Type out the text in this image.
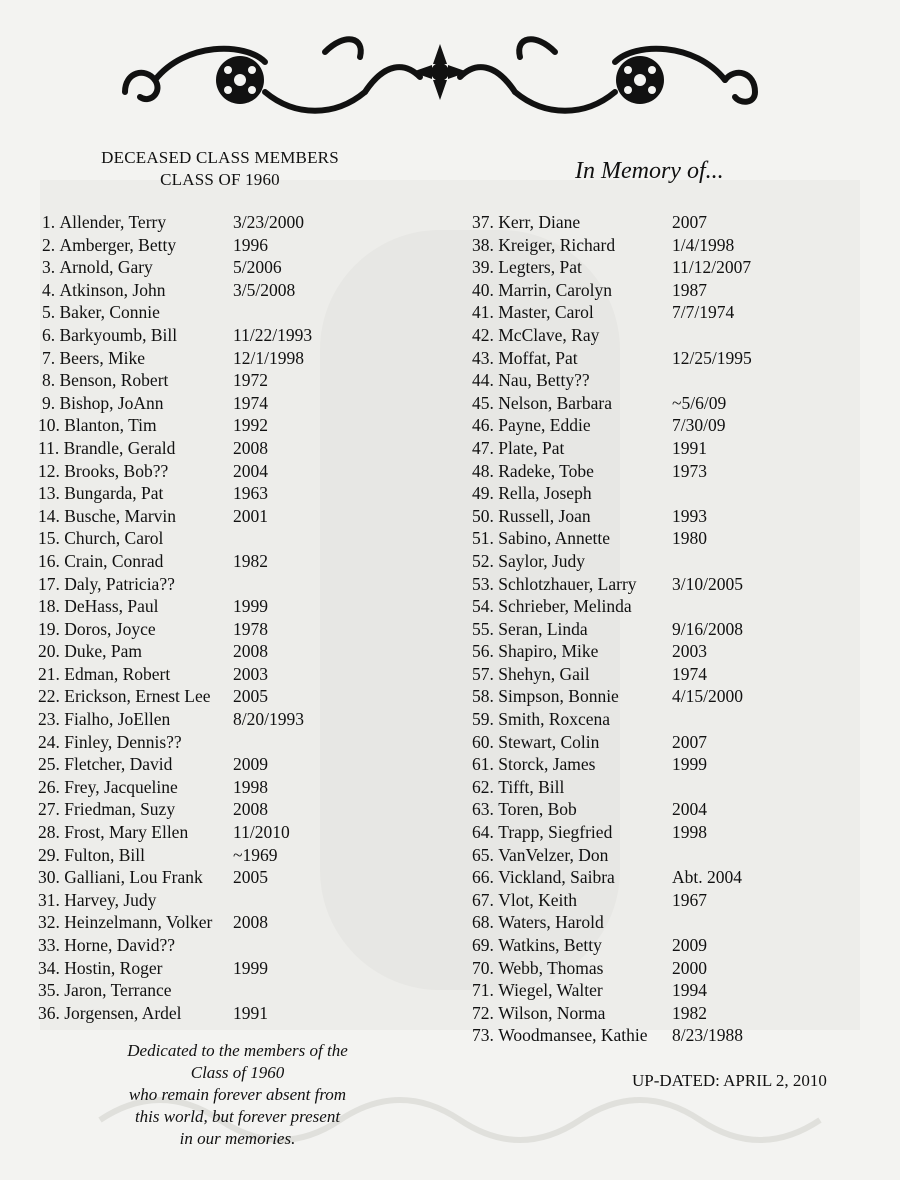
DECEASED CLASS MEMBERS
CLASS OF 1960	In Memory of...
1. Allender, Terry	3/23/2000
2. Amberger, Betty	1996
3. Arnold, Gary	5/2006
4. Atkinson, John	3/5/2008
5. Baker, Connie
6. Barkyoumb, Bill	11/22/1993
7. Beers, Mike	12/1/1998
8. Benson, Robert	1972
9. Bishop, JoAnn	1974
10. Blanton, Tim	1992
11. Brandle, Gerald	2008
12. Brooks, Bob??	2004
13. Bungarda, Pat	1963
14. Busche, Marvin	2001
15. Church, Carol
16. Crain, Conrad	1982
17. Daly, Patricia??
18. DeHass, Paul	1999
19. Doros, Joyce	1978
20. Duke, Pam	2008
21. Edman, Robert	2003
22. Erickson, Ernest Lee 2005
23. Fialho, JoEllen	8/20/1993
24. Finley, Dennis??
25. Fletcher, David	2009
26. Frey, Jacqueline	1998
27. Friedman, Suzy	2008
28. Frost, Mary Ellen	11/2010
29. Fulton, Bill	~1969
30. Galliani, Lou Frank 2005
31. Harvey, Judy
32. Heinzelmann, Volker 2008
33. Horne, David??
34. Hostin, Roger	1999
35. Jaron, Terrance
36. Jorgensen, Ardel	1991
37. Kerr, Diane	2007
38. Kreiger, Richard	1/4/1998
39. Legters, Pat	11/12/2007
40. Marrin, Carolyn	1987
41. Master, Carol	7/7/1974
42. McClave, Ray
43. Moffat, Pat	12/25/1995
44. Nau, Betty??
45. Nelson, Barbara	~5/6/09
46. Payne, Eddie	7/30/09
47. Plate, Pat	1991
48. Radeke, Tobe	1973
49. Rella, Joseph
50. Russell, Joan	1993
51. Sabino, Annette	1980
52. Saylor, Judy
53. Schlotzhauer, Larry 3/10/2005
54. Schrieber, Melinda
55. Seran, Linda	9/16/2008
56. Shapiro, Mike	2003
57. Shehyn, Gail	1974
58. Simpson, Bonnie	4/15/2000
59. Smith, Roxcena
60. Stewart, Colin	2007
61. Storck, James	1999
62. Tifft, Bill
63. Toren, Bob	2004
64. Trapp, Siegfried	1998
65. VanVelzer, Don
66. Vickland, Saibra	Abt. 2004
67. Vlot, Keith	1967
68. Waters, Harold
69. Watkins, Betty	2009
70. Webb, Thomas	2000
71. Wiegel, Walter	1994
72. Wilson, Norma	1982
73. Woodmansee, Kathie 8/23/1988
Dedicated to the members of the
Class of 1960
who remain forever absent from
this world, but forever present
in our memories.
UP-DATED: APRIL 2, 2010
